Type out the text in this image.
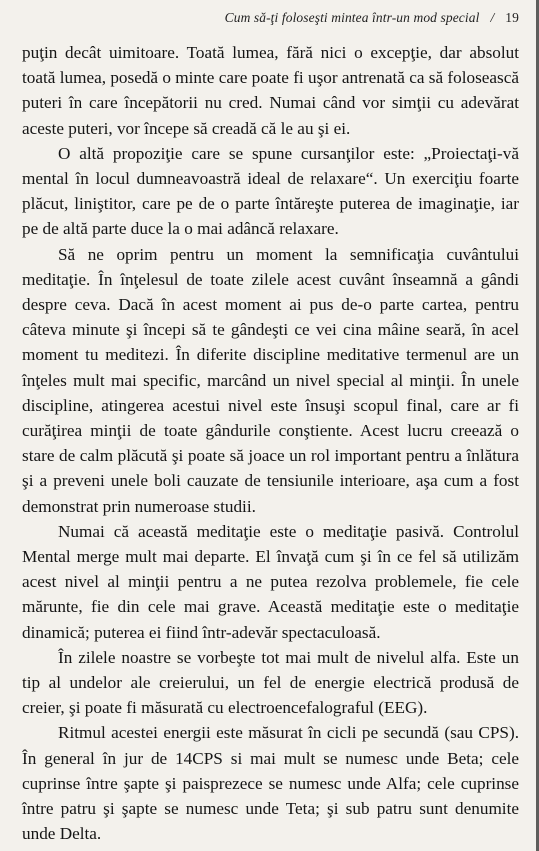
Cum să-ţi foloseşti mintea într-un mod special / 19

puţin decât uimitoare. Toată lumea, fără nici o excepţie, dar absolut toată lumea, posedă o minte care poate fi uşor antrenată ca să folosească puteri în care începătorii nu cred. Numai când vor simţii cu adevărat aceste puteri, vor începe să creadă că le au şi ei.

O altă propoziţie care se spune cursanţilor este: „Proiectaţi-vă mental în locul dumneavoastră ideal de relaxare“. Un exerciţiu foarte plăcut, liniştitor, care pe de o parte întăreşte puterea de imaginaţie, iar pe de altă parte duce la o mai adâncă relaxare.

Să ne oprim pentru un moment la semnificaţia cuvântului meditaţie. În înţelesul de toate zilele acest cuvânt înseamnă a gândi despre ceva. Dacă în acest moment ai pus de-o parte cartea, pentru câteva minute şi începi să te gândeşti ce vei cina mâine seară, în acel moment tu meditezi. În diferite discipline meditative termenul are un înţeles mult mai specific, marcând un nivel special al minţii. În unele discipline, atingerea acestui nivel este însuşi scopul final, care ar fi curăţirea minţii de toate gândurile conştiente. Acest lucru creează o stare de calm plăcută şi poate să joace un rol important pentru a înlătura şi a preveni unele boli cauzate de tensiunile interioare, aşa cum a fost demonstrat prin numeroase studii.

Numai că această meditaţie este o meditaţie pasivă. Controlul Mental merge mult mai departe. El învaţă cum şi în ce fel să utilizăm acest nivel al minţii pentru a ne putea rezolva problemele, fie cele mărunte, fie din cele mai grave. Această meditaţie este o meditaţie dinamică; puterea ei fiind într-adevăr spectaculoasă.

În zilele noastre se vorbeşte tot mai mult de nivelul alfa. Este un tip al undelor ale creierului, un fel de energie electrică produsă de creier, şi poate fi măsurată cu electroencefalograful (EEG).

Ritmul acestei energii este măsurat în cicli pe secundă (sau CPS). În general în jur de 14CPS si mai mult se numesc unde Beta; cele cuprinse între şapte şi paisprezece se numesc unde Alfa; cele cuprinse între patru şi şapte se numesc unde Teta; şi sub patru sunt denumite unde Delta.
